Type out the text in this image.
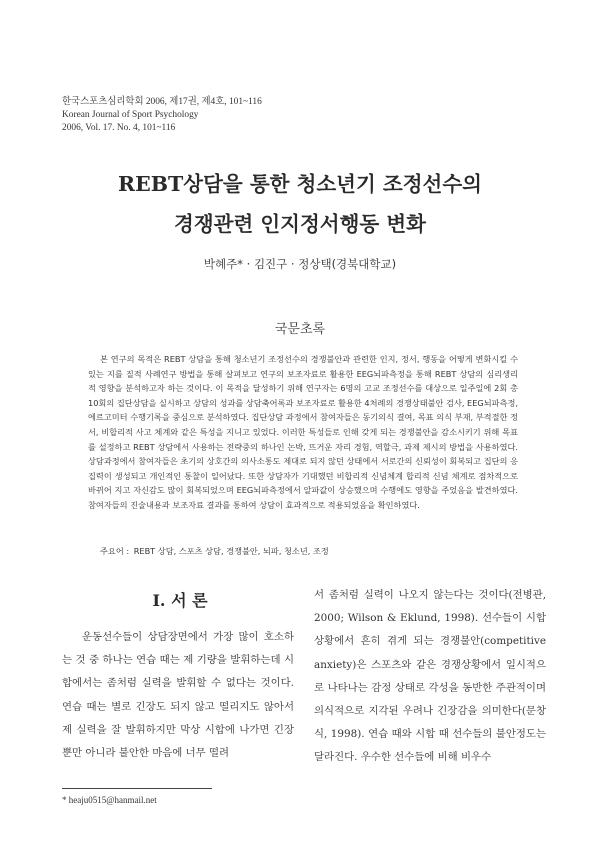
한국스포츠심리학회 2006, 제17권, 제4호, 101~116
Korean Journal of Sport Psychology
2006, Vol. 17. No. 4, 101~116
REBT상담을 통한 청소년기 조정선수의
경쟁관련 인지정서행동 변화
박혜주* · 김진구 · 정상택(경북대학교)
국문초록

본 연구의 목적은 REBT 상담을 통해 청소년기 조정선수의 경쟁불안과 관련한 인지, 정서, 행동을 어떻게 변화시킬 수 있는 지를 질적 사례연구 방법을 통해 살펴보고 연구의 보조자료로 활용한 EEG뇌파측정을 통해 REBT 상담의 심리생리적 영향을 분석하고자 하는 것이다. 이 목적을 달성하기 위해 연구자는 6명의 고교 조정선수를 대상으로 일주일에 2회 총10회의 집단상담을 실시하고 상담의 성과를 상담축어록과 보조자료로 활용한 4처례의 경쟁상태불안 검사, EEG뇌파측정, 에르고미터 수행기록을 중심으로 분석하였다. 집단상담 과정에서 참여자들은 동기의식 결여, 목표 의식 부재, 부적절한 정서, 비합리적 사고 체계와 같은 특성을 지니고 있었다. 이러한 특성들로 인해 갖게 되는 경쟁불안을 감소시키기 위해 목표를 설정하고 REBT 상담에서 사용하는 전략중의 하나인 논박, 뜨거운 자리 경험, 역할극, 과제 제시의 방법을 사용하였다. 상담과정에서 참여자들은 초기의 상호간의 의사소통도 제대로 되지 않던 상태에서 서로간의 신뢰성이 회복되고 집단의 응집력이 생성되고 개인적인 통찰이 일어났다. 또한 상담자가 기대했던 비합리적 신념체계 합리적 신념 체계로 점차적으로 바뀌어 지고 자신감도 많이 회복되었으며 EEG뇌파측정에서 알파값이 상승했으며 수행에도 영향을 주었음을 발견하였다. 참여자들의 진술내용과 보조자료 결과를 통하여 상담이 효과적으로 적용되었음을 확인하였다.

주요어 : REBT 상담, 스포츠 상담, 경쟁불안, 뇌파, 청소년, 조정
I. 서 론

운동선수들이 상담장면에서 가장 많이 호소하는 것 중 하나는 연습 때는 제 기량을 발휘하는데 시합에서는 좀처럼 실력을 발휘할 수 없다는 것이다. 연습 때는 별로 긴장도 되지 않고 떨리지도 않아서 제 실력을 잘 발휘하지만 막상 시합에 나가면 긴장뿐만 아니라 불안한 마음에 너무 떨려

서 좀처럼 실력이 나오지 않는다는 것이다(전병관, 2000; Wilson & Eklund, 1998). 선수들이 시합상황에서 흔히 겪게 되는 경쟁불안(competitive anxiety)은 스포츠와 같은 경쟁상황에서 일시적으로 나타나는 감정 상태로 각성을 동반한 주관적이며 의식적으로 지각된 우려나 긴장감을 의미한다(문창식, 1998). 연습 때와 시합 때 선수들의 불안정도는 달라진다. 우수한 선수들에 비해 비우수

* heaju0515@hanmail.net
